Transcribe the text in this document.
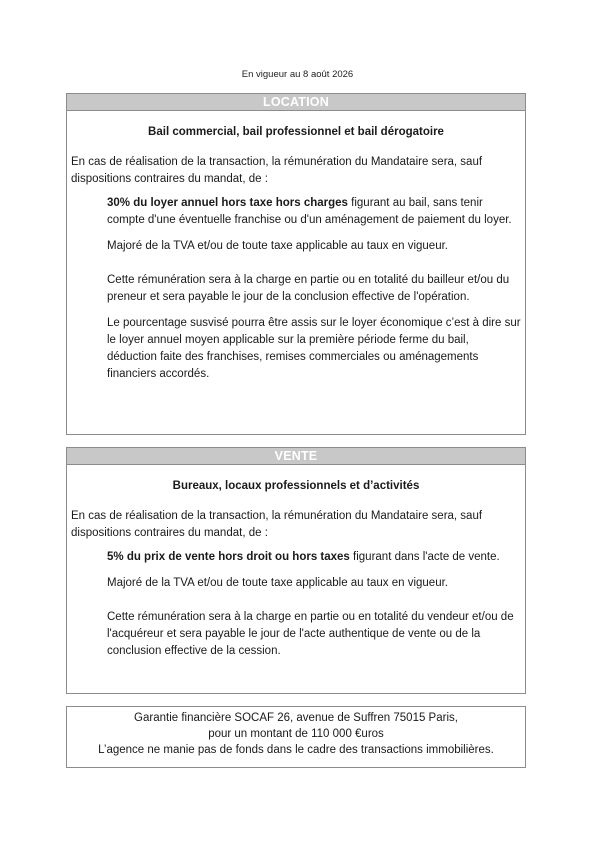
En vigueur au 8 août 2026
LOCATION
Bail commercial, bail professionnel et bail dérogatoire

En cas de réalisation de la transaction, la rémunération du Mandataire sera, sauf dispositions contraires du mandat, de :

30% du loyer annuel hors taxe hors charges figurant au bail, sans tenir compte d'une éventuelle franchise ou d'un aménagement de paiement du loyer.

Majoré de la TVA et/ou de toute taxe applicable au taux en vigueur.

Cette rémunération sera à la charge en partie ou en totalité du bailleur et/ou du preneur et sera payable le jour de la conclusion effective de l'opération.

Le pourcentage susvisé pourra être assis sur le loyer économique c’est à dire sur le loyer annuel moyen applicable sur la première période ferme du bail, déduction faite des franchises, remises commerciales ou aménagements financiers accordés.

VENTE
Bureaux, locaux professionnels et d’activités

En cas de réalisation de la transaction, la rémunération du Mandataire sera, sauf dispositions contraires du mandat, de :

5% du prix de vente hors droit ou hors taxes figurant dans l'acte de vente.

Majoré de la TVA et/ou de toute taxe applicable au taux en vigueur.

Cette rémunération sera à la charge en partie ou en totalité du vendeur et/ou de l'acquéreur et sera payable le jour de l'acte authentique de vente ou de la conclusion effective de la cession.

Garantie financière SOCAF 26, avenue de Suffren 75015 Paris,
pour un montant de 110 000 €uros
L’agence ne manie pas de fonds dans le cadre des transactions immobilières.
